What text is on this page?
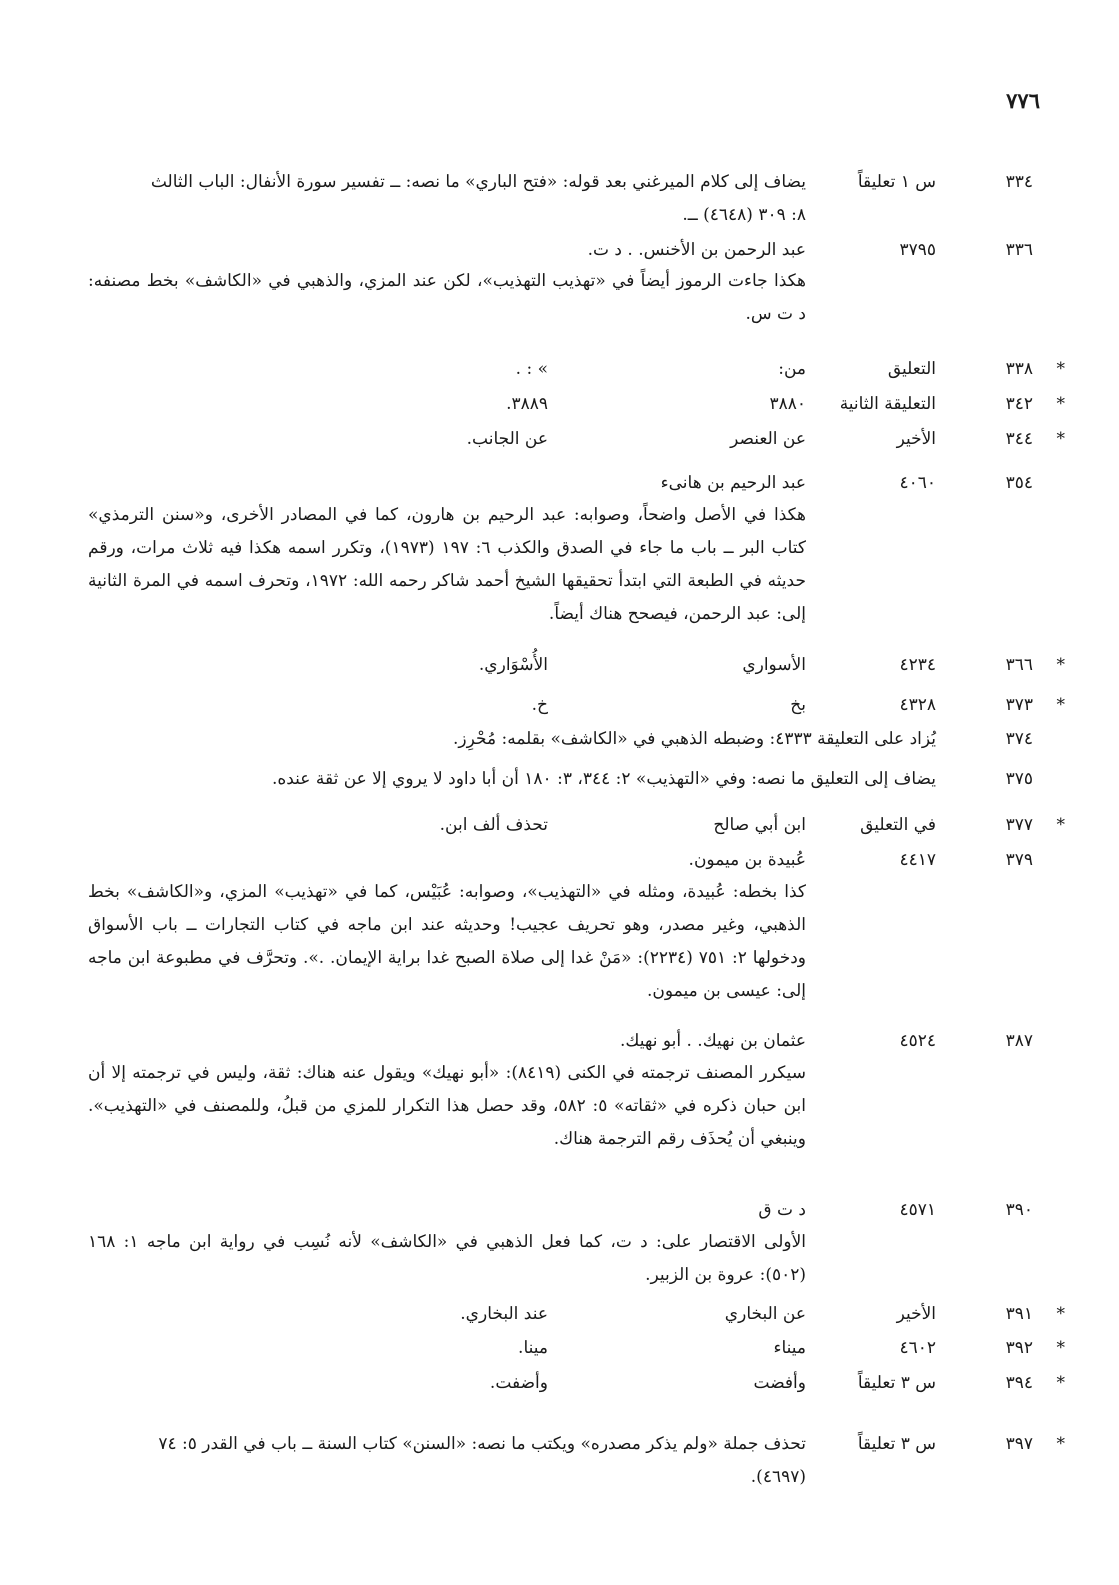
٧٧٦
٣٣٤
س ١ تعليقاً
يضاف إلى كلام الميرغني بعد قوله: «فتح الباري» ما نصه: ــ تفسير سورة الأنفال: الباب الثالث
٨: ٣٠٩ (٤٦٤٨) ــ.
٣٣٦
٣٧٩٥
عبد الرحمن بن الأخنس. . د ت.
هكذا جاءت الرموز أيضاً في «تهذيب التهذيب»، لكن عند المزي، والذهبي في «الكاشف» بخط مصنفه: د ت س.
*
٣٣٨
التعليق
من:
» : .
*
٣٤٢
التعليقة الثانية
٣٨٨٠
٣٨٨٩.
*
٣٤٤
الأخير
عن العنصر
عن الجانب.
٣٥٤
٤٠٦٠
عبد الرحيم بن هانىء
هكذا في الأصل واضحاً، وصوابه: عبد الرحيم بن هارون، كما في المصادر الأخرى، و«سنن الترمذي» كتاب البر ــ باب ما جاء في الصدق والكذب ٦: ١٩٧ (١٩٧٣)، وتكرر اسمه هكذا فيه ثلاث مرات، ورقم حديثه في الطبعة التي ابتدأ تحقيقها الشيخ أحمد شاكر رحمه الله: ١٩٧٢، وتحرف اسمه في المرة الثانية إلى: عبد الرحمن، فيصحح هناك أيضاً.
*
٣٦٦
٤٢٣٤
الأسواري
الأُسْوَاري.
*
٣٧٣
٤٣٢٨
بخ
خ.
٣٧٤
يُزاد على التعليقة ٤٣٣٣: وضبطه الذهبي في «الكاشف» بقلمه: مُحْرِز.
٣٧٥
يضاف إلى التعليق ما نصه: وفي «التهذيب» ٢: ٣٤٤، ٣: ١٨٠ أن أبا داود لا يروي إلا عن ثقة عنده.
*
٣٧٧
في التعليق
ابن أبي صالح
تحذف ألف ابن.
٣٧٩
٤٤١٧
عُبيدة بن ميمون.
كذا بخطه: عُبيدة، ومثله في «التهذيب»، وصوابه: عُبَيْس، كما في «تهذيب» المزي، و«الكاشف» بخط الذهبي، وغير مصدر، وهو تحريف عجيب! وحديثه عند ابن ماجه في كتاب التجارات ــ باب الأسواق ودخولها ٢: ٧٥١ (٢٢٣٤): «مَنْ غدا إلى صلاة الصبح غدا براية الإيمان. .». وتحرَّف في مطبوعة ابن ماجه إلى: عيسى بن ميمون.
٣٨٧
٤٥٢٤
عثمان بن نهيك. . أبو نهيك.
سيكرر المصنف ترجمته في الكنى (٨٤١٩): «أبو نهيك» ويقول عنه هناك: ثقة، وليس في ترجمته إلا أن ابن حبان ذكره في «ثقاته» ٥: ٥٨٢، وقد حصل هذا التكرار للمزي من قبلُ، وللمصنف في «التهذيب». وينبغي أن يُحذَف رقم الترجمة هناك.
٣٩٠
٤٥٧١
د ت ق
الأولى الاقتصار على: د ت، كما فعل الذهبي في «الكاشف» لأنه نُسِب في رواية ابن ماجه ١: ١٦٨ (٥٠٢): عروة بن الزبير.
*
٣٩١
الأخير
عن البخاري
عند البخاري.
*
٣٩٢
٤٦٠٢
ميناء
مينا.
*
٣٩٤
س ٣ تعليقاً
وأفضت
وأضفت.
*
٣٩٧
س ٣ تعليقاً
تحذف جملة «ولم يذكر مصدره» ويكتب ما نصه: «السنن» كتاب السنة ــ باب في القدر ٥: ٧٤
(٤٦٩٧).
